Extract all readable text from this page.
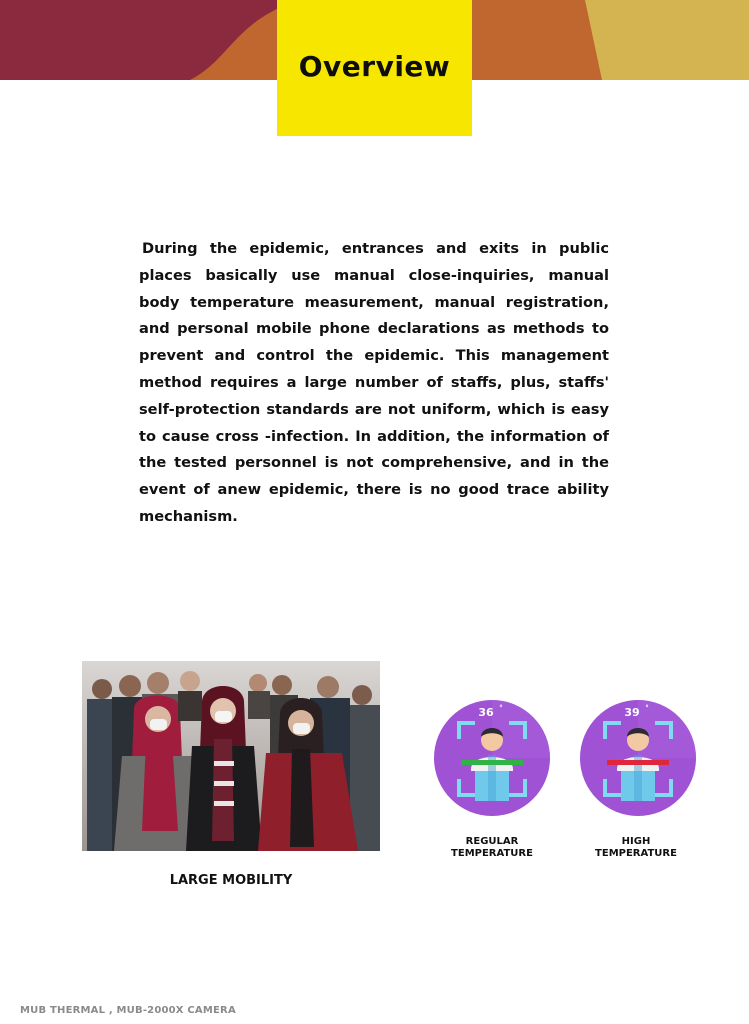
Overview

During the epidemic, entrances and exits in public places basically use manual close-inquiries, manual body temperature measurement, manual registration, and personal mobile phone declarations as methods to prevent and control the epidemic. This management method requires a large number of staffs, plus, staffs' self-protection standards are not uniform, which is easy to cause cross -infection. In addition, the information of the tested personnel is not comprehensive, and in the event of anew epidemic, there is no good trace ability mechanism.

LARGE MOBILITY
36 °
REGULAR
TEMPERATURE
39 °
HIGH
TEMPERATURE
MUB THERMAL , MUB-2000X CAMERA
